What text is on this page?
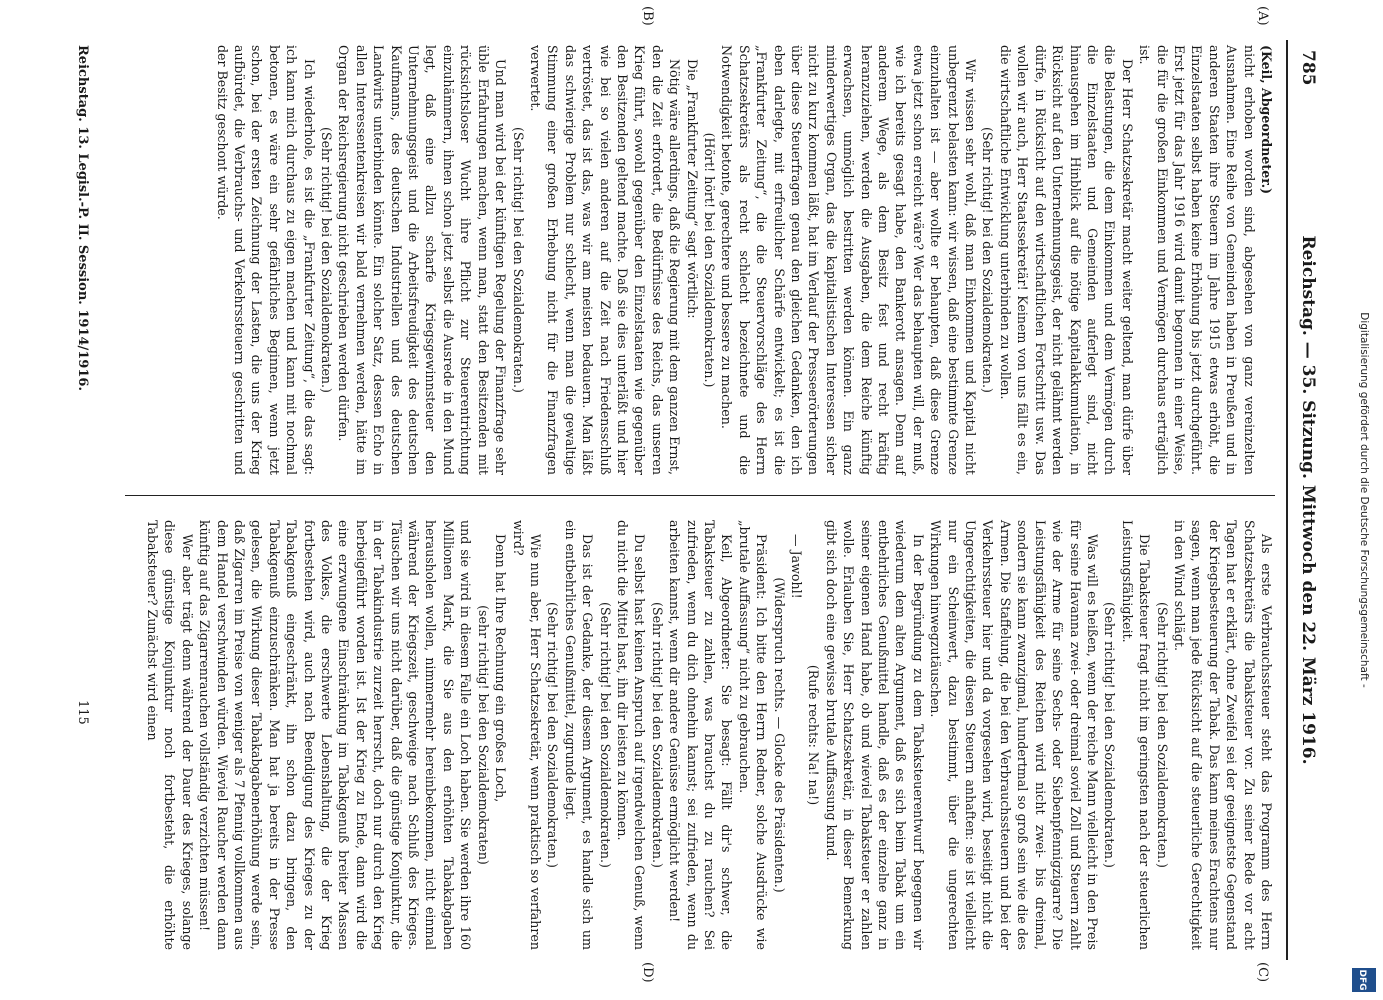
785
Reichstag. — 35. Sitzung. Mittwoch den 22. März 1916.
(A)
(B)
(C)
(D)

(Keil, Abgeordneter.)

nicht erhoben worden sind, abgesehen von ganz vereinzelten Ausnahmen. Eine Reihe von Gemeinden haben in Preußen und in anderen Staaten ihre Steuern im Jahre 1915 etwas erhöht, die Einzelstaaten selbst haben keine Erhöhung bis jetzt durchgeführt. Erst jetzt für das Jahr 1916 wird damit begonnen in einer Weise, die für die großen Einkommen und Vermögen durchaus erträglich ist.

Der Herr Schatzsekretär macht weiter geltend, man dürfe über die Belastungen, die dem Einkommen und dem Vermögen durch die Einzelstaaten und Gemeinden auferlegt sind, nicht hinausgehen im Hinblick auf die nötige Kapitalakkumulation, in Rücksicht auf den Unternehmungsgeist, der nicht gelähmt werden dürfe, in Rücksicht auf den wirtschaftlichen Fortschritt usw. Das wollen wir auch, Herr Staatssekretär! Keinem von uns fällt es ein, die wirtschaftliche Entwicklung unterbinden zu wollen.

(Sehr richtig! bei den Sozialdemokraten.)

Wir wissen sehr wohl, daß man Einkommen und Kapital nicht unbegrenzt belasten kann: wir wissen, daß eine bestimmte Grenze einzuhalten ist — aber wollte er behaupten, daß diese Grenze etwa jetzt schon erreicht wäre? Wer das behaupten will, der muß, wie ich bereits gesagt habe, den Bankerott ansagen. Denn auf anderem Wege, als dem Besitz fest und recht kräftig heranzuziehen, werden die Ausgaben, die dem Reiche künftig erwachsen, unmöglich bestritten werden können. Ein ganz minderwertiges Organ, das die kapitalistischen Interessen sicher nicht zu kurz kommen läßt, hat im Verlauf der Presseerörterungen über diese Steuerfragen genau den gleichen Gedanken, den ich eben darlegte, mit erfreulicher Schärfe entwickelt; es ist die „Frankfurter Zeitung“, die die Steuervorschläge des Herrn Schatzsekretärs als recht schlecht bezeichnete und die Notwendigkeit betonte, gerechtere und bessere zu machen.

(Hört! hört! bei den Sozialdemokraten.)

Die „Frankfurter Zeitung“ sagt wörtlich:

Nötig wäre allerdings, daß die Regierung mit dem ganzen Ernst, den die Zeit erfordert, die Bedürfnisse des Reichs, das unseren Krieg führt, sowohl gegenüber den Einzelstaaten wie gegenüber den Besitzenden geltend machte. Daß sie dies unterläßt und hier wie bei so vielen anderen auf die Zeit nach Friedensschluß vertröstet, das ist das, was wir am meisten bedauern. Man läßt das schwierige Problem nur schlecht, wenn man die gewaltige Stimmung einer großen Erhebung nicht für die Finanzfragen verwertet.

(Sehr richtig! bei den Sozialdemokraten.)

Und man wird bei der künftigen Regelung der Finanzfrage sehr üble Erfahrungen machen, wenn man, statt den Besitzenden mit rücksichtsloser Wucht ihre Pflicht zur Steuerentrichtung einzuhämmern, ihnen schon jetzt selbst die Ausrede in den Mund legt, daß eine allzu scharfe Kriegsgewinnsteuer den Unternehmungsgeist und die Arbeitsfreudigkeit des deutschen Kaufmanns, des deutschen Industriellen und des deutschen Landwirts unterbinden könnte. Ein solcher Satz, dessen Echo in allen Interessentenkreisen wir bald vernehmen werden, hätte im Organ der Reichsregierung nicht geschrieben werden dürfen.

(Sehr richtig! bei den Sozialdemokraten.)

Ich wiederhole, es ist die „Frankfurter Zeitung“, die das sagt: ich kann mich durchaus zu eigen machen und kann mit nochmal betonen, es wäre ein sehr gefährliches Beginnen, wenn jetzt schon, bei der ersten Zeichnung der Lasten, die uns der Krieg aufbürdet, die Verbrauchs- und Verkehrssteuern geschritten und der Besitz geschont würde.

Als erste Verbrauchssteuer steht das Programm des Herrn Schatzsekretärs die Tabaksteuer vor. Zu seiner Rede vor acht Tagen hat er erklärt, ohne Zweifel sei der geeignetste Gegenstand der Kriegsbesteuerung der Tabak. Das kann meines Erachtens nur sagen, wenn man jede Rücksicht auf die steuerliche Gerechtigkeit in den Wind schlägt.

(Sehr richtig! bei den Sozialdemokraten.)

Die Tabaksteuer fragt nicht im geringsten nach der steuerlichen Leistungsfähigkeit.

(Sehr richtig! bei den Sozialdemokraten.)

Was will es heißen, wenn der reiche Mann vielleicht in den Preis für seine Havanna zwei- oder dreimal soviel Zoll und Steuern zahlt wie der Arme für seine Sechs- oder Siebenpfennigzigarre? Die Leistungsfähigkeit des Reichen wird nicht zwei- bis dreimal, sondern sie kann zwanzigmal, hundertmal so groß sein wie die des Armen. Die Staffelung, die bei den Verbrauchssteuern und bei der Verkehrssteuer hier und da vorgesehen wird, beseitigt nicht die Ungerechtigkeiten, die diesen Steuern anhaften: sie ist vielleicht nur ein Scheinwert, dazu bestimmt, über die ungerechten Wirkungen hinwegzutäuschen.

In der Begründung zu dem Tabaksteuerentwurf begegnen wir wiederum dem alten Argument, daß es sich beim Tabak um ein entbehrliches Genußmittel handle, daß es der einzelne ganz in seiner eigenen Hand habe, ob und wieviel Tabaksteuer er zahlen wolle. Erlauben Sie, Herr Schatzsekretär, in dieser Bemerkung gibt sich doch eine gewisse brutale Auffassung kund.

(Rufe rechts: Na! na!)

— Jawohl!

(Widerspruch rechts. — Glocke des Präsidenten.)

Präsident: Ich bitte den Herrn Redner, solche Ausdrücke wie „brutale Auffassung“ nicht zu gebrauchen.

Keil, Abgeordneter: Sie besagt: Fällt dir's schwer, die Tabaksteuer zu zahlen, was brauchst du zu rauchen? Sei zufrieden, wenn du dich ohnehin kannst; sei zufrieden, wenn du arbeiten kannst, wenn dir andere Genüsse ermöglicht werden!

(Sehr richtig! bei den Sozialdemokraten.)

Du selbst hast keinen Anspruch auf irgendwelchen Genuß, wenn du nicht die Mittel hast, ihn dir leisten zu können.

(Sehr richtig! bei den Sozialdemokraten.)

Das ist der Gedanke, der diesem Argument, es handle sich um ein entbehrliches Genußmittel, zugrunde liegt.

(Sehr richtig! bei den Sozialdemokraten.)

Wie nun aber, Herr Schatzsekretär, wenn praktisch so verfahren wird?

Denn hat Ihre Rechnung ein großes Loch,

(sehr richtig! bei den Sozialdemokraten)

und sie wird in diesem Falle ein Loch haben. Sie werden ihre 160 Millionen Mark, die Sie aus den erhöhten Tabakabgaben herausholen wollen, nimmermehr hereinbekommen, nicht einmal während der Kriegszeit, geschweige nach Schluß des Krieges. Täuschen wir uns nicht darüber, daß die günstige Konjunktur, die in der Tabakindustrie zurzeit herrscht, doch nur durch den Krieg herbeigeführt worden ist. Ist der Krieg zu Ende, dann wird die eine erzwungene Einschränkung im Tabakgenuß breiter Massen des Volkes, die erschwerte Lebenshaltung, die der Krieg fortbestehen wird, auch nach Beendigung des Krieges zu der Tabakgenuß eingeschränkt, ihn schon dazu bringen, den Tabakgenuß einzuschränken. Man hat ja bereits in der Presse gelesen, die Wirkung dieser Tabakabgabenerhöhung werde sein, daß Zigarren im Preise von weniger als 7 Pfennig vollkommen aus dem Handel verschwinden würden. Wieviel Raucher werden dann künftig auf das Zigarrenrauchen vollständig verzichten müssen!

Wer aber trägt denn während der Dauer des Krieges, solange diese günstige Konjunktur noch fortbesteht, die erhöhte Tabaksteuer? Zunächst wird einen

Reichstag. 13. Legisl.-P. II. Session. 1914/1916.
115
Digitalisierung gefördert durch die Deutsche Forschungsgemeinschaft -
DFG
